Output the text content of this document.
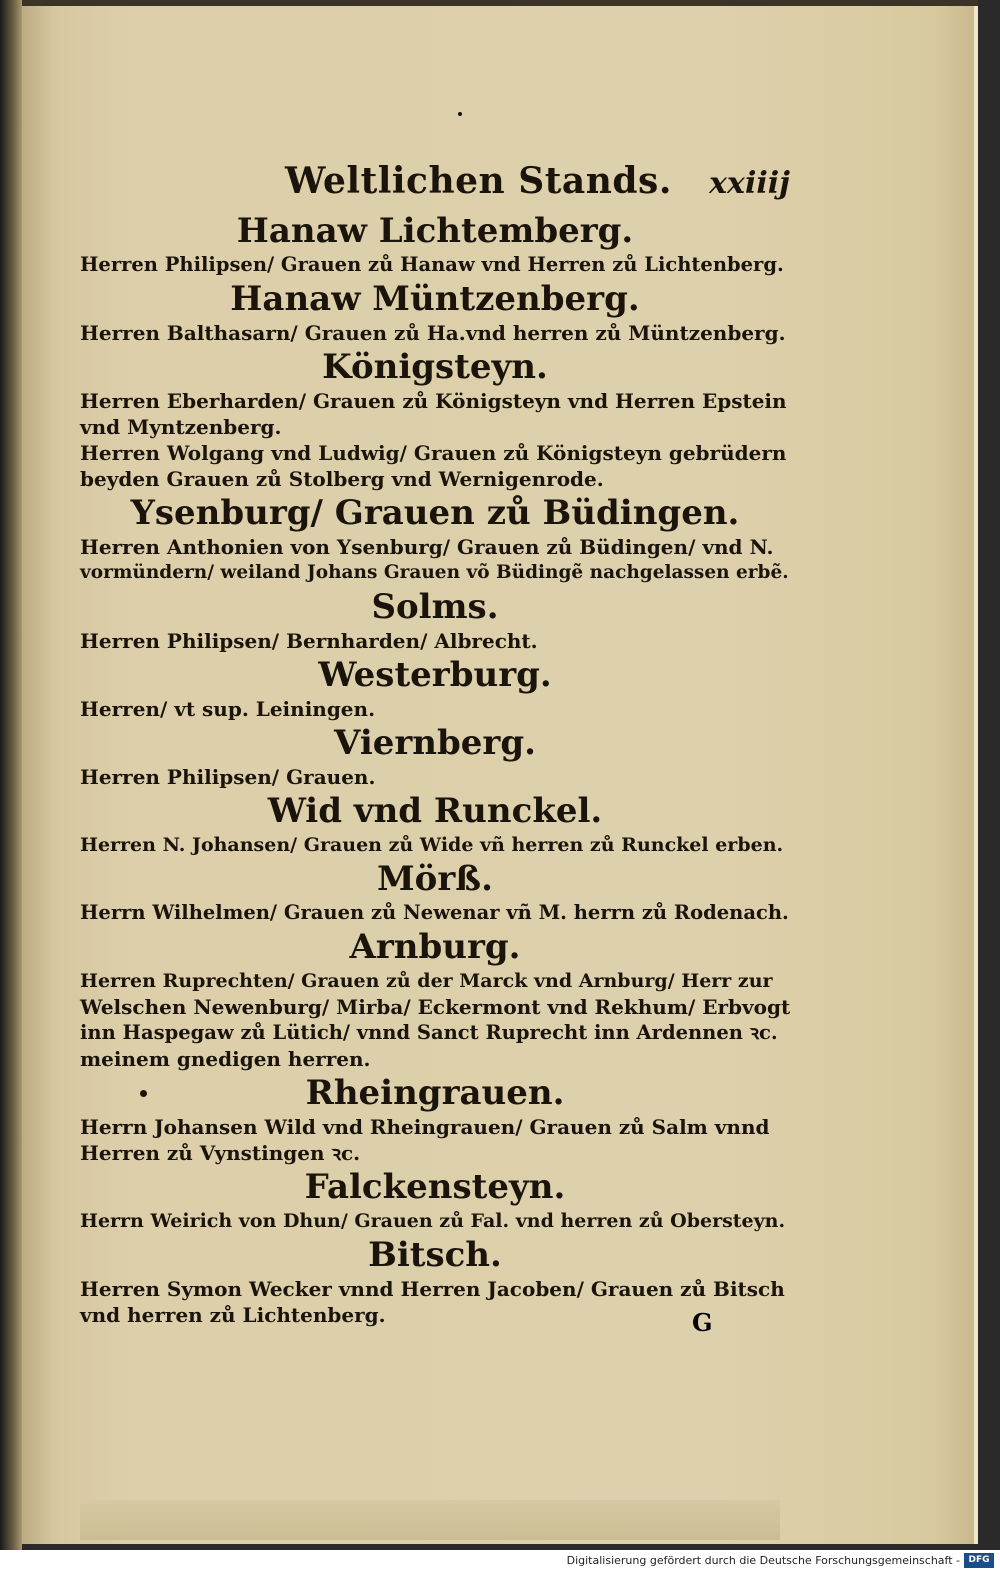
Weltlichen Stands. xxiiij
Hanaw Lichtemberg.
Herren Philipsen/ Grauen zů Hanaw vnd Herren zů Lichtenberg.
Hanaw Müntzenberg.
Herren Balthasarn/ Grauen zů Ha.vnd herren zů Müntzenberg.
Königsteyn.
Herren Eberharden/ Grauen zů Königsteyn vnd Herren Epstein
vnd Myntzenberg.
Herren Wolgang vnd Ludwig/ Grauen zů Königsteyn gebrüdern
beyden Grauen zů Stolberg vnd Wernigenrode.
Ysenburg/ Grauen zů Büdingen.
Herren Anthonien von Ysenburg/ Grauen zů Büdingen/ vnd N.
vormündern/ weiland Johans Grauen võ Büdingẽ nachgelassen erbẽ.
Solms.
Herren Philipsen/ Bernharden/ Albrecht.
Westerburg.
Herren/ vt sup. Leiningen.
Viernberg.
Herren Philipsen/ Grauen.
Wid vnd Runckel.
Herren N. Johansen/ Grauen zů Wide vñ herren zů Runckel erben.
Mörß.
Herrn Wilhelmen/ Grauen zů Newenar vñ M. herrn zů Rodenach.
Arnburg.
Herren Ruprechten/ Grauen zů der Marck vnd Arnburg/ Herr zur
Welschen Newenburg/ Mirba/ Eckermont vnd Rekhum/ Erbvogt
inn Haspegaw zů Lütich/ vnnd Sanct Ruprecht inn Ardennen ꝛc.
meinem gnedigen herren.
Rheingrauen.
Herrn Johansen Wild vnd Rheingrauen/ Grauen zů Salm vnnd
Herren zů Vynstingen ꝛc.
Falckensteyn.
Herrn Weirich von Dhun/ Grauen zů Fal. vnd herren zů Obersteyn.
Bitsch.
Herren Symon Wecker vnnd Herren Jacoben/ Grauen zů Bitsch
vnd herren zů Lichtenberg.	G
Digitalisierung gefördert durch die Deutsche Forschungsgemeinschaft - DFG
